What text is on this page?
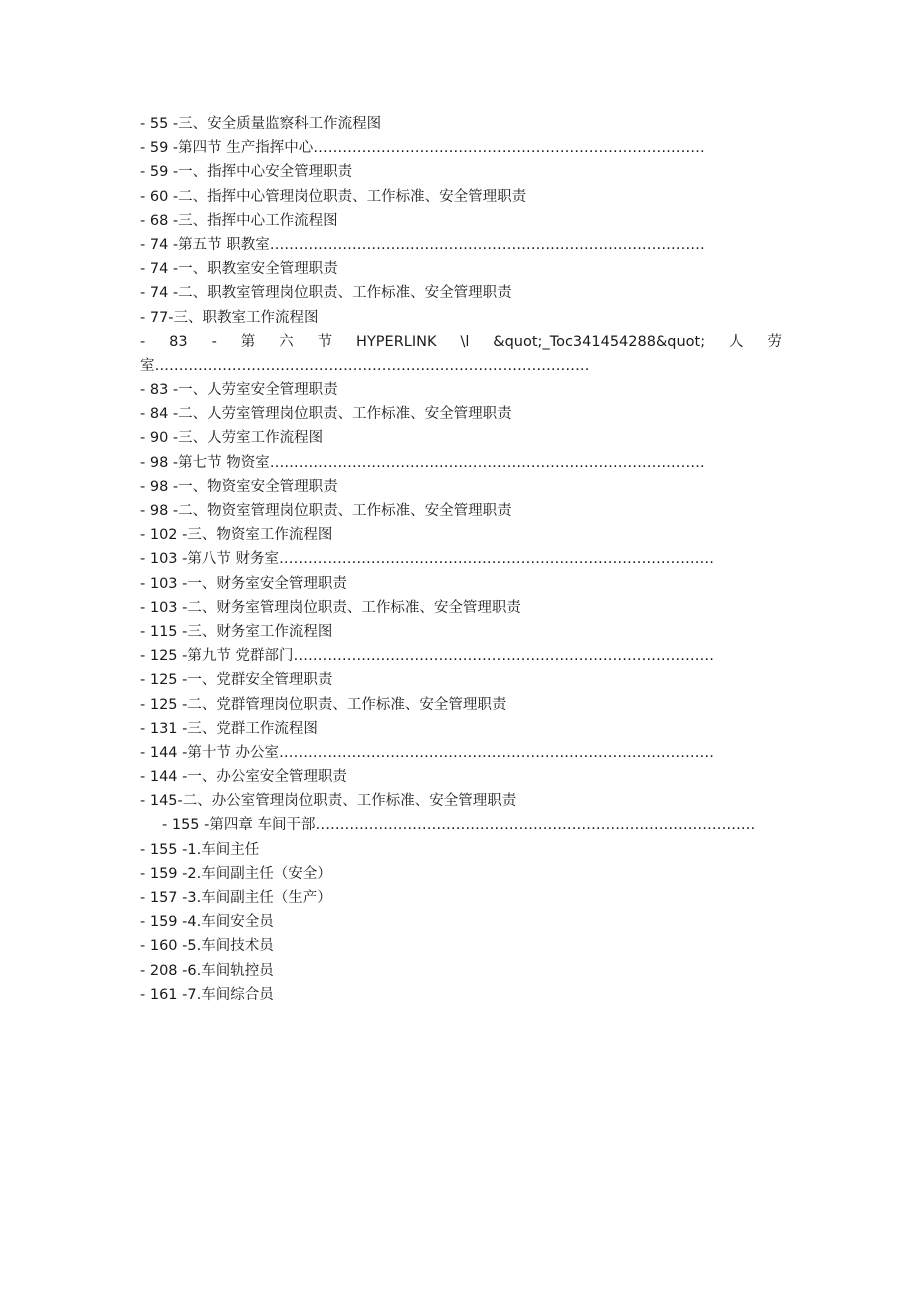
- 55 -三、安全质量监察科工作流程图
- 59 -第四节 生产指挥中心………………………………………………………………………
- 59 -一、指挥中心安全管理职责
- 60 -二、指挥中心管理岗位职责、工作标准、安全管理职责
- 68 -三、指挥中心工作流程图
- 74 -第五节 职教室………………………………………………………………………………
- 74 -一、职教室安全管理职责
- 74 -二、职教室管理岗位职责、工作标准、安全管理职责
- 77-三、职教室工作流程图
- 83 - 第 六 节 HYPERLINK \l &quot;_Toc341454288&quot; 人 劳
室………………………………………………………………………………
- 83 -一、人劳室安全管理职责
- 84 -二、人劳室管理岗位职责、工作标准、安全管理职责
- 90 -三、人劳室工作流程图
- 98 -第七节 物资室………………………………………………………………………………
- 98 -一、物资室安全管理职责
- 98 -二、物资室管理岗位职责、工作标准、安全管理职责
- 102 -三、物资室工作流程图
- 103 -第八节 财务室………………………………………………………………………………
- 103 -一、财务室安全管理职责
- 103 -二、财务室管理岗位职责、工作标准、安全管理职责
- 115 -三、财务室工作流程图
- 125 -第九节 党群部门……………………………………………………………………………
- 125 -一、党群安全管理职责
- 125 -二、党群管理岗位职责、工作标准、安全管理职责
- 131 -三、党群工作流程图
- 144 -第十节 办公室………………………………………………………………………………
- 144 -一、办公室安全管理职责
- 145-二、办公室管理岗位职责、工作标准、安全管理职责
- 155 -第四章 车间干部……………………………………………………………………………….
- 155 -1.车间主任
- 159 -2.车间副主任（安全）
- 157 -3.车间副主任（生产）
- 159 -4.车间安全员
- 160 -5.车间技术员
- 208 -6.车间轨控员
- 161 -7.车间综合员
